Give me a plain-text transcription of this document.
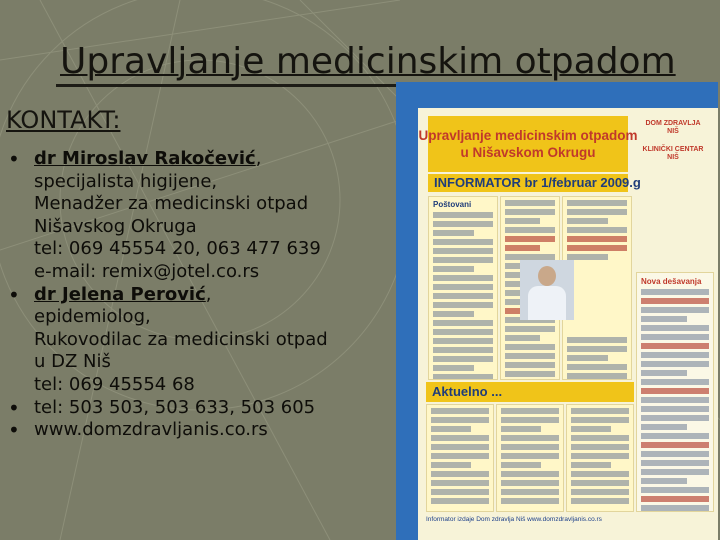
Upravljanje medicinskim otpadom
KONTAKT:
• dr Miroslav Rakočević,
specijalista higijene,
Menadžer za medicinski otpad
Nišavskog Okruga
tel: 069 45554 20, 063 477 639
e-mail: remix@jotel.co.rs
• dr Jelena Perović,
epidemiolog,
Rukovodilac za medicinski otpad
u DZ Niš
tel: 069 45554 68
• tel: 503 503, 503 633, 503 605
• www.domzdravljanis.co.rs
Upravljanje medicinskim otpadom
u Nišavskom Okrugu
INFORMATOR br 1/februar 2009.g
DOM ZDRAVLJA
NIŠ
KLINIČKI CENTAR
NIŠ
Poštovani
Nova dešavanja
Aktuelno ...
Informator izdaje Dom zdravlja Niš www.domzdravljanis.co.rs
